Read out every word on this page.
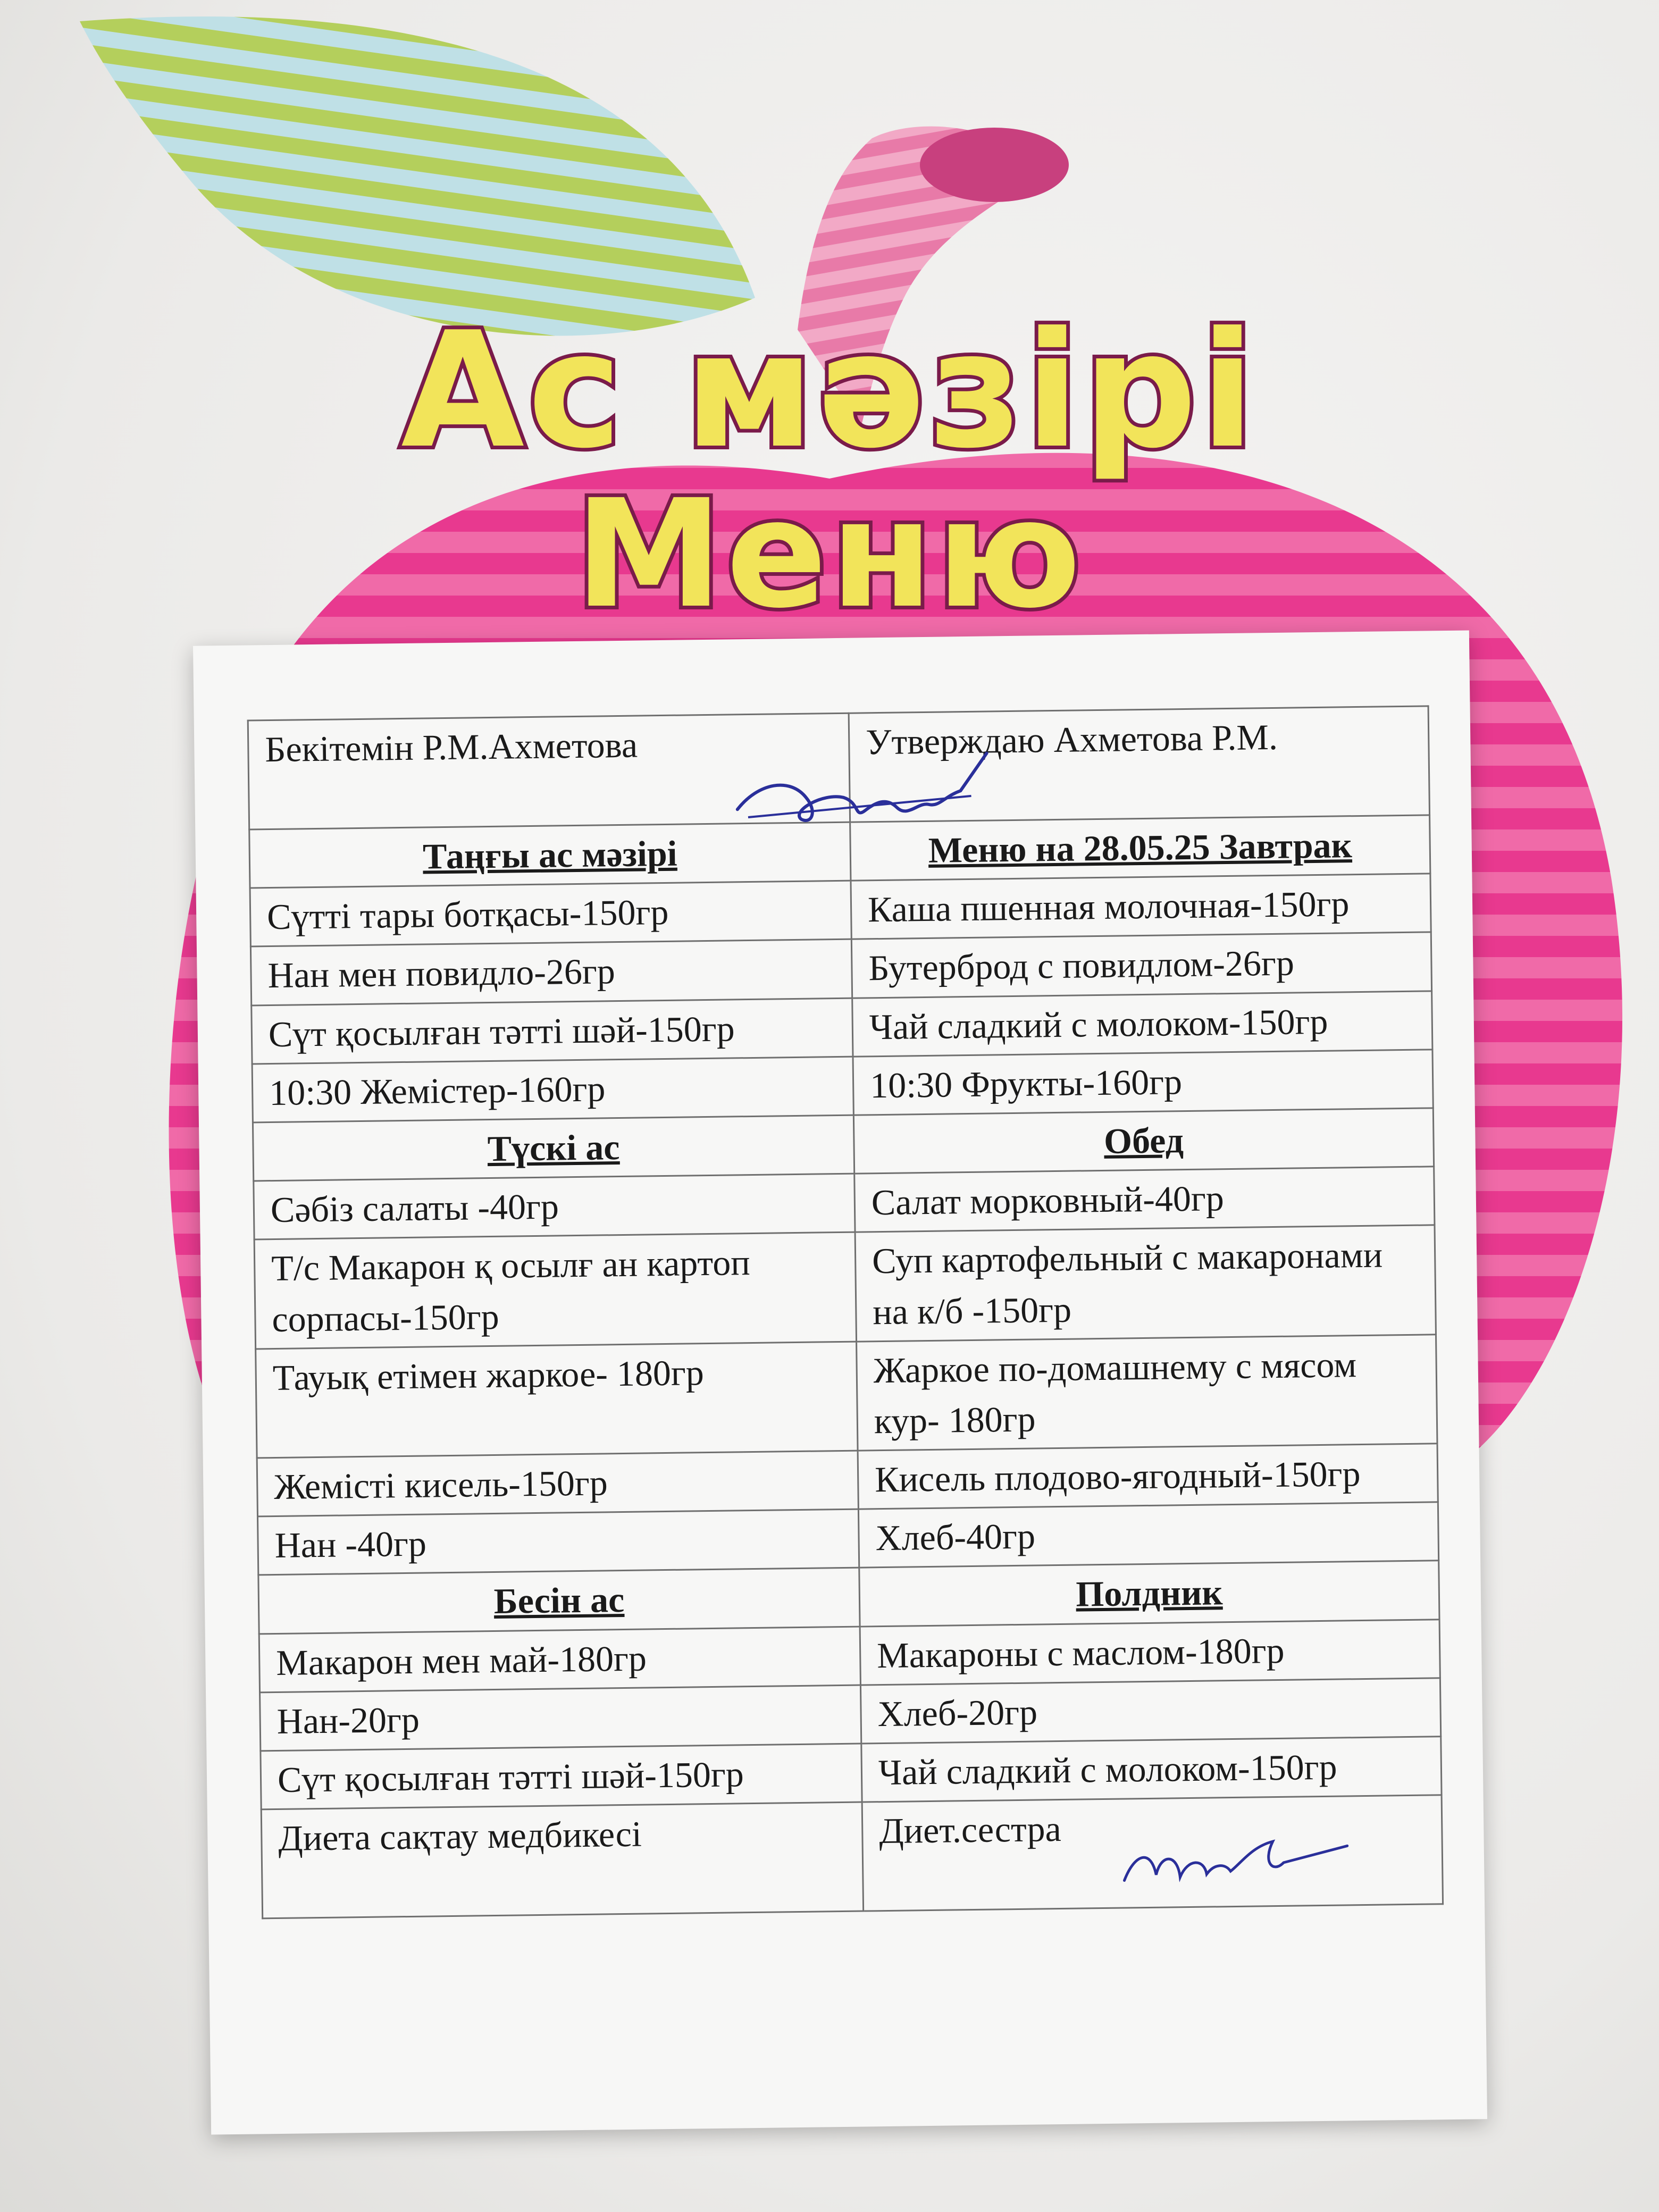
Ас мәзірі
Меню
Бекітемін Р.М.Ахметова	Утверждаю Ахметова Р.М.
Таңғы ас мәзірі	Меню на 28.05.25 Завтрак
Сүтті тары ботқасы-150гр	Каша пшенная молочная-150гр
Нан мен повидло-26гр	Бутерброд с повидлом-26гр
Сүт қосылған тәтті шәй-150гр	Чай сладкий с молоком-150гр
10:30 Жемістер-160гр	10:30 Фрукты-160гр
Түскі ас	Обед
Сәбіз салаты -40гр	Салат морковный-40гр
Т/с Макарон қ осылғ ан картоп сорпасы-150гр	Суп картофельный с макаронами на к/б -150гр
Тауық етімен жаркое- 180гр	Жаркое по-домашнему с мясом кур- 180гр
Жемісті кисель-150гр	Кисель плодово-ягодный-150гр
Нан -40гр	Хлеб-40гр
Бесін ас	Полдник
Макарон мен май-180гр	Макароны с маслом-180гр
Нан-20гр	Хлеб-20гр
Сүт қосылған тәтті шәй-150гр	Чай сладкий с молоком-150гр
Диета сақтау медбикесі	Диет.сестра
